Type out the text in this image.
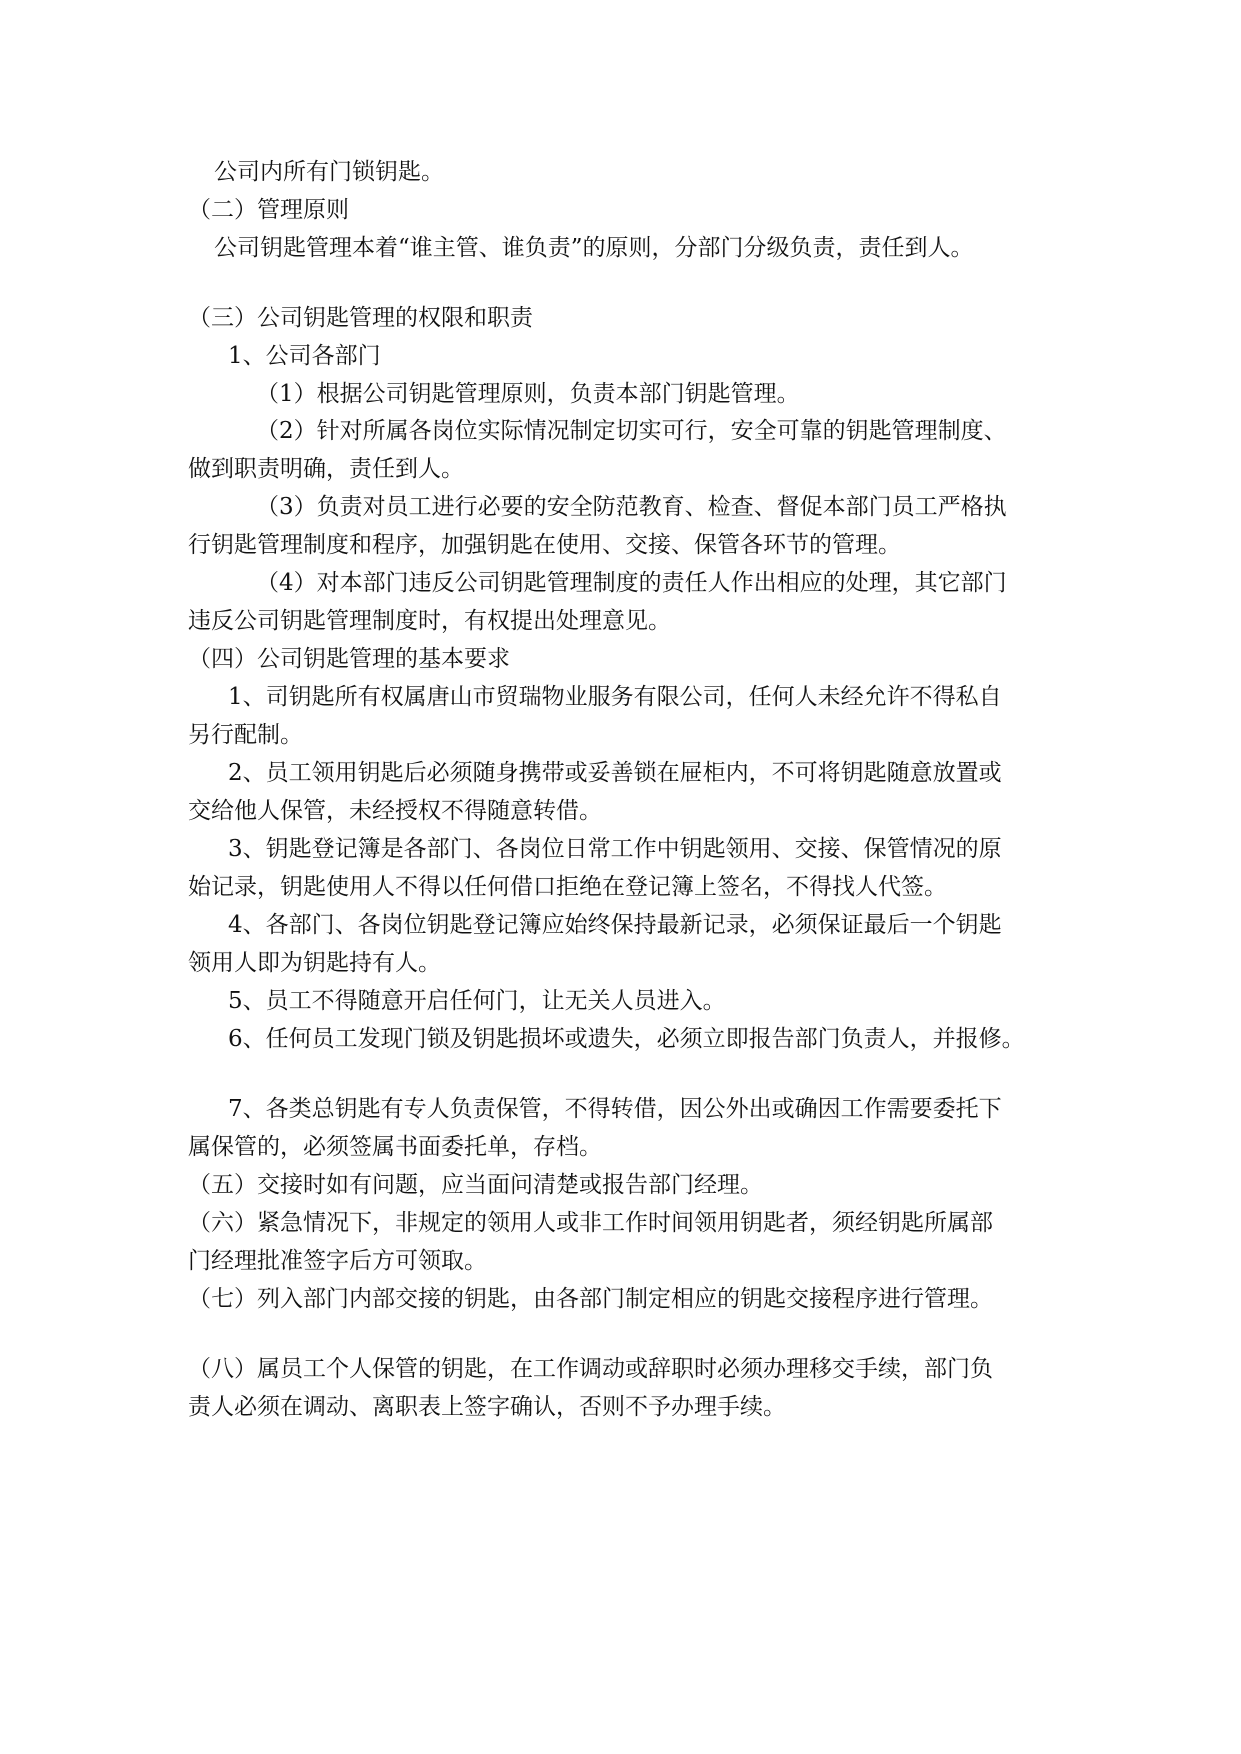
公司内所有门锁钥匙。
（二）管理原则
公司钥匙管理本着“谁主管、谁负责”的原则，分部门分级负责，责任到人。
（三）公司钥匙管理的权限和职责
1、公司各部门
（1）根据公司钥匙管理原则，负责本部门钥匙管理。
（2）针对所属各岗位实际情况制定切实可行，安全可靠的钥匙管理制度、
做到职责明确，责任到人。
（3）负责对员工进行必要的安全防范教育、检查、督促本部门员工严格执
行钥匙管理制度和程序，加强钥匙在使用、交接、保管各环节的管理。
（4）对本部门违反公司钥匙管理制度的责任人作出相应的处理，其它部门
违反公司钥匙管理制度时，有权提出处理意见。
（四）公司钥匙管理的基本要求
1、司钥匙所有权属唐山市贸瑞物业服务有限公司，任何人未经允许不得私自
另行配制。
2、员工领用钥匙后必须随身携带或妥善锁在屉柜内，不可将钥匙随意放置或
交给他人保管，未经授权不得随意转借。
3、钥匙登记簿是各部门、各岗位日常工作中钥匙领用、交接、保管情况的原
始记录，钥匙使用人不得以任何借口拒绝在登记簿上签名，不得找人代签。
4、各部门、各岗位钥匙登记簿应始终保持最新记录，必须保证最后一个钥匙
领用人即为钥匙持有人。
5、员工不得随意开启任何门，让无关人员进入。
6、任何员工发现门锁及钥匙损坏或遗失，必须立即报告部门负责人，并报修。
7、各类总钥匙有专人负责保管，不得转借，因公外出或确因工作需要委托下
属保管的，必须签属书面委托单，存档。
（五）交接时如有问题，应当面问清楚或报告部门经理。
（六）紧急情况下，非规定的领用人或非工作时间领用钥匙者，须经钥匙所属部
门经理批准签字后方可领取。
（七）列入部门内部交接的钥匙，由各部门制定相应的钥匙交接程序进行管理。
（八）属员工个人保管的钥匙，在工作调动或辞职时必须办理移交手续，部门负
责人必须在调动、离职表上签字确认，否则不予办理手续。
